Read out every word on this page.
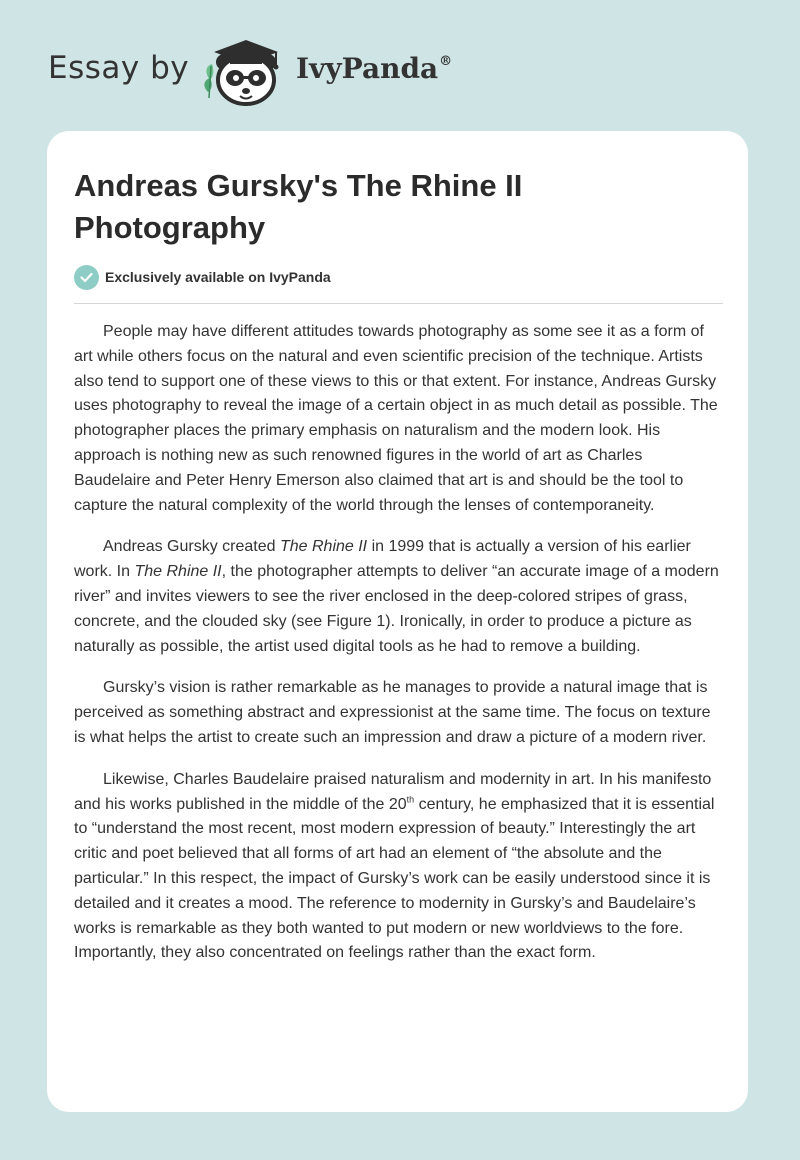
Essay by	IvyPanda®
Andreas Gursky's The Rhine II Photography
Exclusively available on IvyPanda

People may have different attitudes towards photography as some see it as a form of art while others focus on the natural and even scientific precision of the technique. Artists also tend to support one of these views to this or that extent. For instance, Andreas Gursky uses photography to reveal the image of a certain object in as much detail as possible. The photographer places the primary emphasis on naturalism and the modern look. His approach is nothing new as such renowned figures in the world of art as Charles Baudelaire and Peter Henry Emerson also claimed that art is and should be the tool to capture the natural complexity of the world through the lenses of contemporaneity.

Andreas Gursky created The Rhine II in 1999 that is actually a version of his earlier work. In The Rhine II, the photographer attempts to deliver “an accurate image of a modern river” and invites viewers to see the river enclosed in the deep-colored stripes of grass, concrete, and the clouded sky (see Figure 1). Ironically, in order to produce a picture as naturally as possible, the artist used digital tools as he had to remove a building.

Gursky’s vision is rather remarkable as he manages to provide a natural image that is perceived as something abstract and expressionist at the same time. The focus on texture is what helps the artist to create such an impression and draw a picture of a modern river.

Likewise, Charles Baudelaire praised naturalism and modernity in art. In his manifesto and his works published in the middle of the 20th century, he emphasized that it is essential to “understand the most recent, most modern expression of beauty.” Interestingly the art critic and poet believed that all forms of art had an element of “the absolute and the particular.” In this respect, the impact of Gursky’s work can be easily understood since it is detailed and it creates a mood. The reference to modernity in Gursky’s and Baudelaire’s works is remarkable as they both wanted to put modern or new worldviews to the fore. Importantly, they also concentrated on feelings rather than the exact form.
